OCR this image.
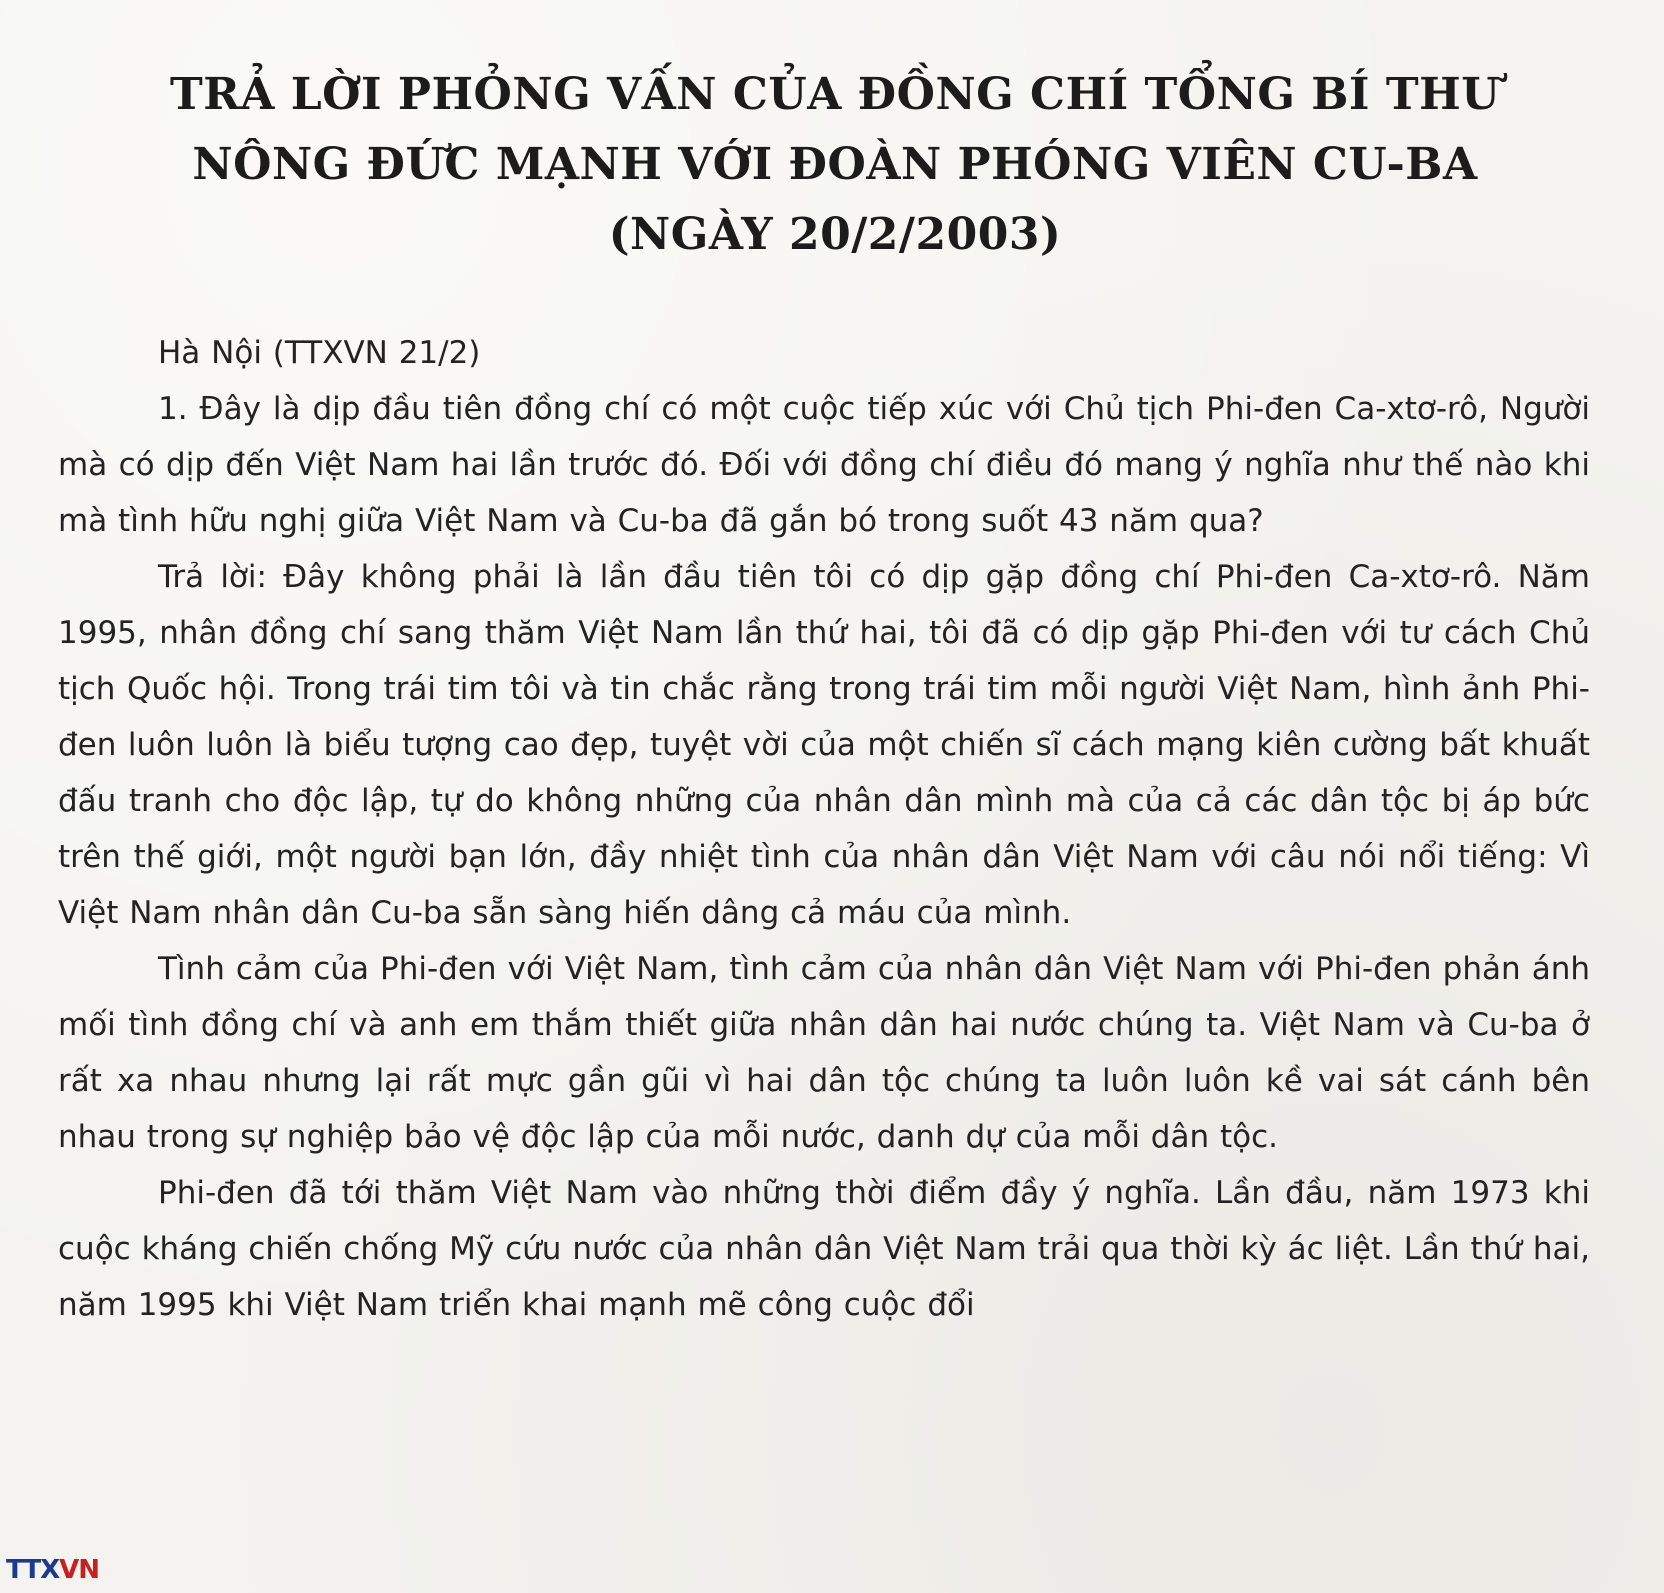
TRẢ LỜI PHỎNG VẤN CỦA ĐỒNG CHÍ TỔNG BÍ THƯ
NÔNG ĐỨC MẠNH VỚI ĐOÀN PHÓNG VIÊN CU-BA
(NGÀY 20/2/2003)

Hà Nội (TTXVN 21/2)

1. Đây là dịp đầu tiên đồng chí có một cuộc tiếp xúc với Chủ tịch Phi-đen Ca-xtơ-rô, Người mà có dịp đến Việt Nam hai lần trước đó. Đối với đồng chí điều đó mang ý nghĩa như thế nào khi mà tình hữu nghị giữa Việt Nam và Cu-ba đã gắn bó trong suốt 43 năm qua?

Trả lời: Đây không phải là lần đầu tiên tôi có dịp gặp đồng chí Phi-đen Ca-xtơ-rô. Năm 1995, nhân đồng chí sang thăm Việt Nam lần thứ hai, tôi đã có dịp gặp Phi-đen với tư cách Chủ tịch Quốc hội. Trong trái tim tôi và tin chắc rằng trong trái tim mỗi người Việt Nam, hình ảnh Phi-đen luôn luôn là biểu tượng cao đẹp, tuyệt vời của một chiến sĩ cách mạng kiên cường bất khuất đấu tranh cho độc lập, tự do không những của nhân dân mình mà của cả các dân tộc bị áp bức trên thế giới, một người bạn lớn, đầy nhiệt tình của nhân dân Việt Nam với câu nói nổi tiếng: Vì Việt Nam nhân dân Cu-ba sẵn sàng hiến dâng cả máu của mình.

Tình cảm của Phi-đen với Việt Nam, tình cảm của nhân dân Việt Nam với Phi-đen phản ánh mối tình đồng chí và anh em thắm thiết giữa nhân dân hai nước chúng ta. Việt Nam và Cu-ba ở rất xa nhau nhưng lại rất mực gần gũi vì hai dân tộc chúng ta luôn luôn kề vai sát cánh bên nhau trong sự nghiệp bảo vệ độc lập của mỗi nước, danh dự của mỗi dân tộc.

Phi-đen đã tới thăm Việt Nam vào những thời điểm đầy ý nghĩa. Lần đầu, năm 1973 khi cuộc kháng chiến chống Mỹ cứu nước của nhân dân Việt Nam trải qua thời kỳ ác liệt. Lần thứ hai, năm 1995 khi Việt Nam triển khai mạnh mẽ công cuộc đổi

TTXVN
